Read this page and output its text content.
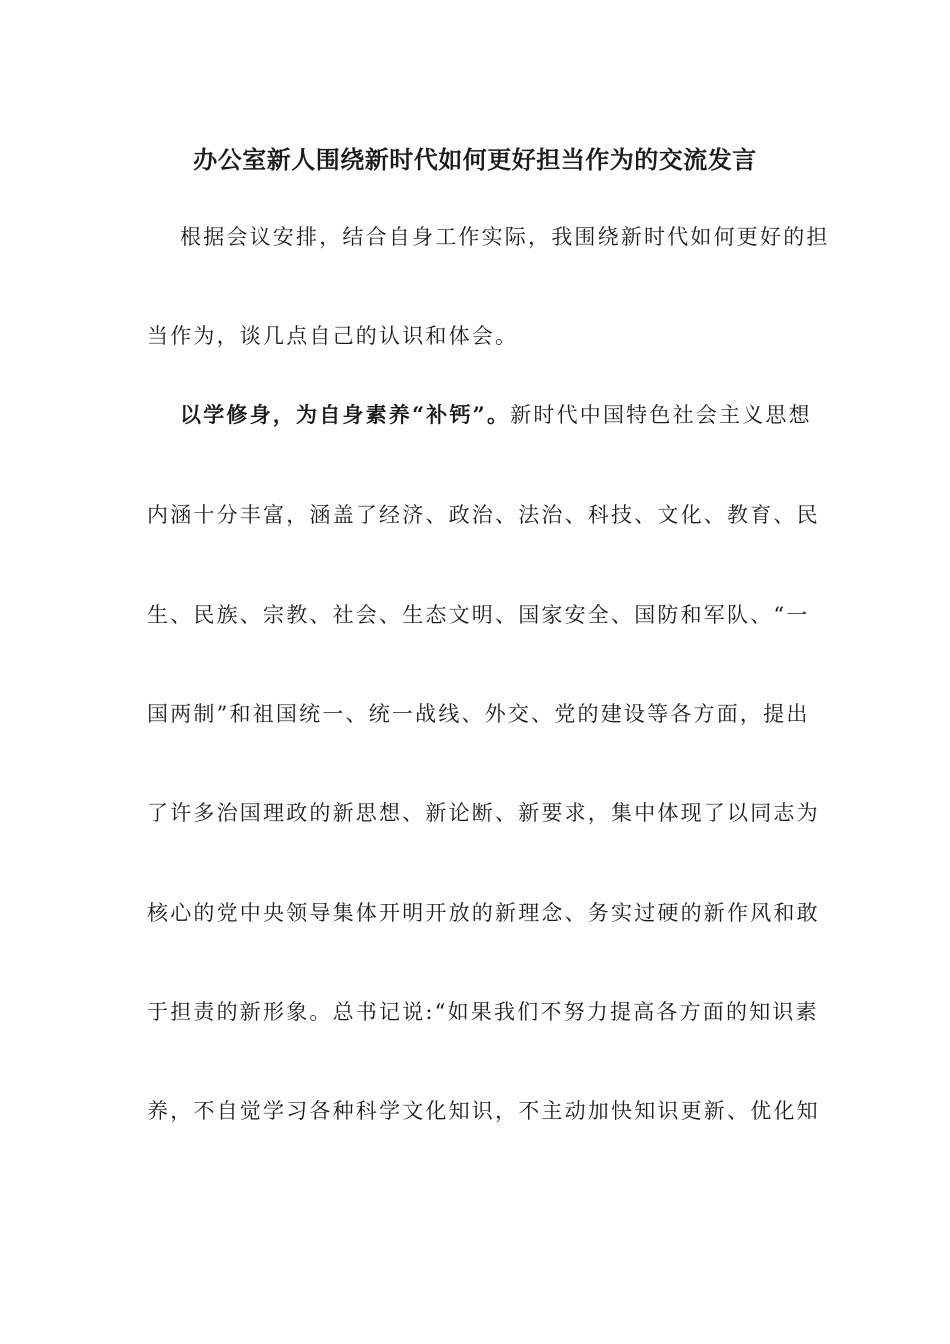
办公室新人围绕新时代如何更好担当作为的交流发言
根据会议安排，结合自身工作实际，我围绕新时代如何更好的担
当作为，谈几点自己的认识和体会。
以学修身，为自身素养“补钙”。新时代中国特色社会主义思想
内涵十分丰富，涵盖了经济、政治、法治、科技、文化、教育、民
生、民族、宗教、社会、生态文明、国家安全、国防和军队、“一
国两制”和祖国统一、统一战线、外交、党的建设等各方面，提出
了许多治国理政的新思想、新论断、新要求，集中体现了以同志为
核心的党中央领导集体开明开放的新理念、务实过硬的新作风和敢
于担责的新形象。总书记说:“如果我们不努力提高各方面的知识素
养，不自觉学习各种科学文化知识，不主动加快知识更新、优化知
